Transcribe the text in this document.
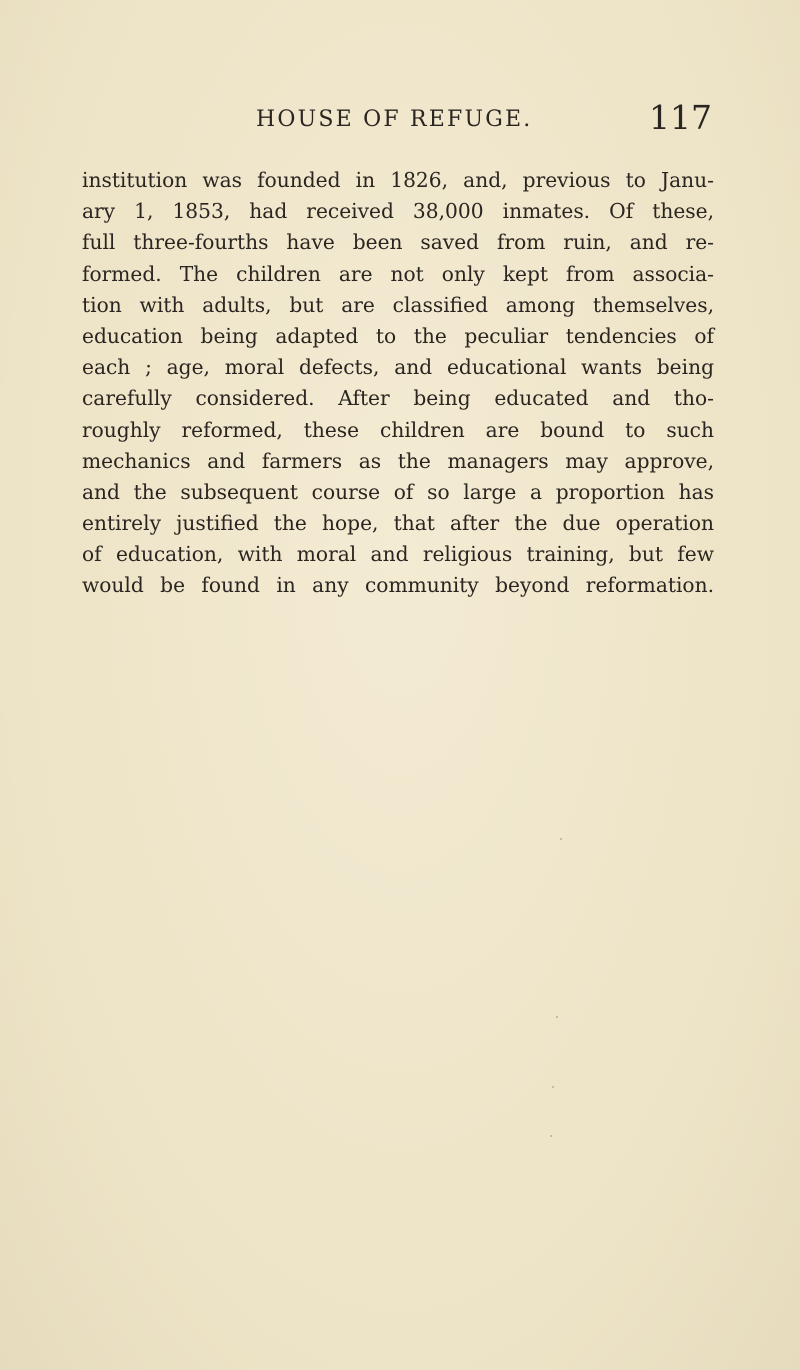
HOUSE OF REFUGE.	117
institution was founded in 1826, and, previous to Janu-
ary 1, 1853, had received 38,000 inmates. Of these,
full three-fourths have been saved from ruin, and re-
formed. The children are not only kept from associa-
tion with adults, but are classified among themselves,
education being adapted to the peculiar tendencies of
each ; age, moral defects, and educational wants being
carefully considered. After being educated and tho-
roughly reformed, these children are bound to such
mechanics and farmers as the managers may approve,
and the subsequent course of so large a proportion has
entirely justified the hope, that after the due operation
of education, with moral and religious training, but few
would be found in any community beyond reformation.
